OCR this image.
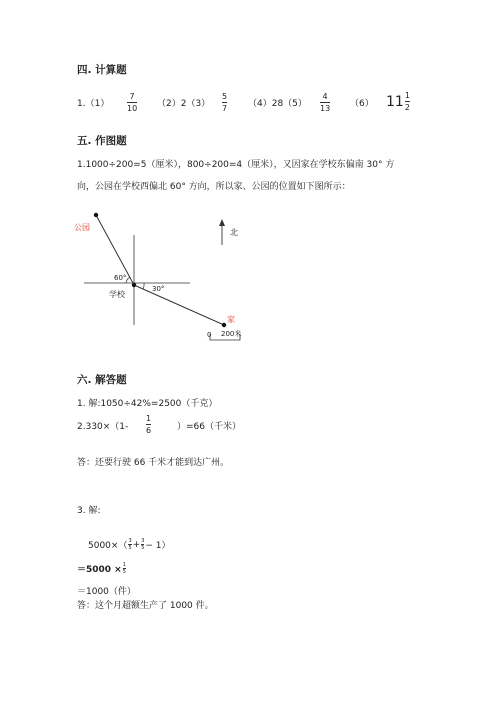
四. 计算题
1.（1）
7
10 （2）2（3）
5
7 （4）28（5）
4
13 （6） $11 \frac{1}{2}$
五. 作图题
1.1000÷200=5（厘米），800÷200=4（厘米），又因家在学校东偏南 30° 方
向，公园在学校西偏北 60° 方向，所以家、公园的位置如下图所示：
公园
北
60°
30°
学校
家
0 200米
六. 解答题
1. 解:1050÷42%=2500（千克）
2.330×（1-
1
6	）=66（千米）
答：还要行驶 66 千米才能到达广州。
3. 解:
$5000\times( \frac{3}{5} + \frac{3}{5} - 1)$
$=5000 \times \frac{1}{5}$
＝1000（件）
答：这个月超额生产了 1000 件。
